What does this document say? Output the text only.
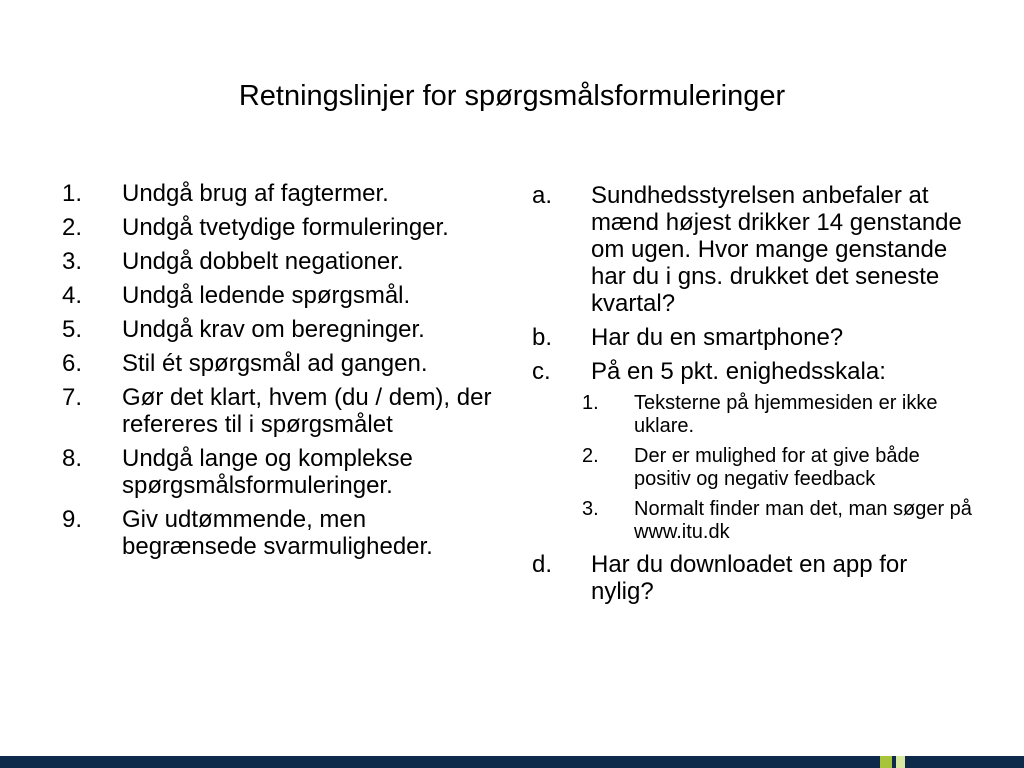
Retningslinjer for spørgsmålsformuleringer
1. Undgå brug af fagtermer.
2. Undgå tvetydige formuleringer.
3. Undgå dobbelt negationer.
4. Undgå ledende spørgsmål.
5. Undgå krav om beregninger.
6. Stil ét spørgsmål ad gangen.
7. Gør det klart, hvem (du / dem), der refereres til i spørgsmålet
8. Undgå lange og komplekse spørgsmålsformuleringer.
9. Giv udtømmende, men begrænsede svarmuligheder.
a. Sundhedsstyrelsen anbefaler at mænd højest drikker 14 genstande om ugen. Hvor mange genstande har du i gns. drukket det seneste kvartal?
b. Har du en smartphone?
c. På en 5 pkt. enighedsskala:
1. Teksterne på hjemmesiden er ikke uklare.
2. Der er mulighed for at give både positiv og negativ feedback
3. Normalt finder man det, man søger på www.itu.dk
d. Har du downloadet en app for nylig?
